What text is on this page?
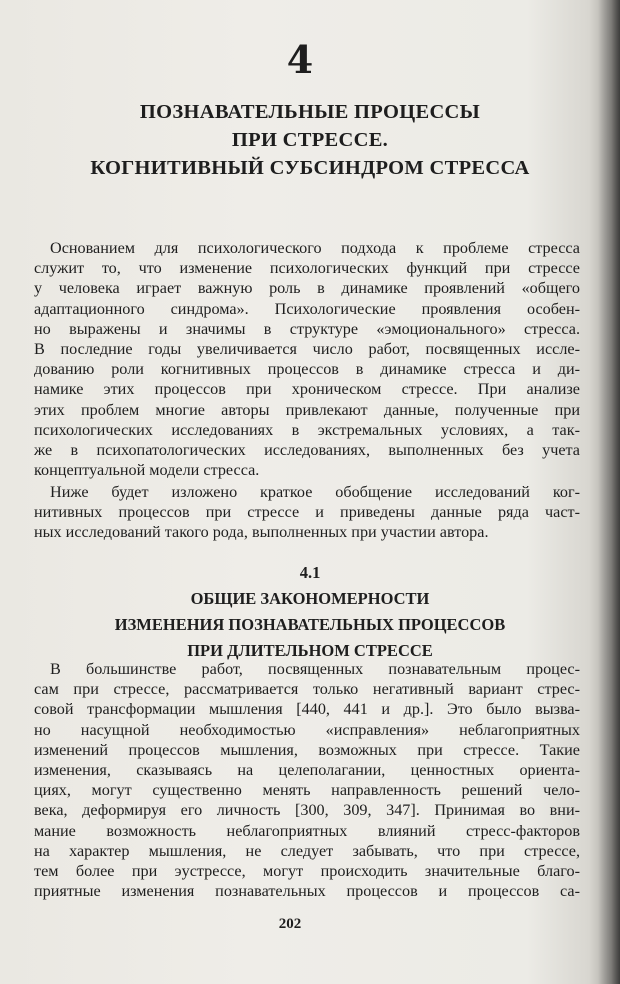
4
ПОЗНАВАТЕЛЬНЫЕ ПРОЦЕССЫ
ПРИ СТРЕССЕ.
КОГНИТИВНЫЙ СУБСИНДРОМ СТРЕССА
Основанием для психологического подхода к проблеме стресса
служит то, что изменение психологических функций при стрессе
у человека играет важную роль в динамике проявлений «общего
адаптационного синдрома». Психологические проявления особен-
но выражены и значимы в структуре «эмоционального» стресса.
В последние годы увеличивается число работ, посвященных иссле-
дованию роли когнитивных процессов в динамике стресса и ди-
намике этих процессов при хроническом стрессе. При анализе
этих проблем многие авторы привлекают данные, полученные при
психологических исследованиях в экстремальных условиях, а так-
же в психопатологических исследованиях, выполненных без учета
концептуальной модели стресса.
Ниже будет изложено краткое обобщение исследований ког-
нитивных процессов при стрессе и приведены данные ряда част-
ных исследований такого рода, выполненных при участии автора.
4.1
ОБЩИЕ ЗАКОНОМЕРНОСТИ
ИЗМЕНЕНИЯ ПОЗНАВАТЕЛЬНЫХ ПРОЦЕССОВ
ПРИ ДЛИТЕЛЬНОМ СТРЕССЕ
В большинстве работ, посвященных познавательным процес-
сам при стрессе, рассматривается только негативный вариант стрес-
совой трансформации мышления [440, 441 и др.]. Это было вызва-
но насущной необходимостью «исправления» неблагоприятных
изменений процессов мышления, возможных при стрессе. Такие
изменения, сказываясь на целеполагании, ценностных ориента-
циях, могут существенно менять направленность решений чело-
века, деформируя его личность [300, 309, 347]. Принимая во вни-
мание возможность неблагоприятных влияний стресс-факторов
на характер мышления, не следует забывать, что при стрессе,
тем более при эустрессе, могут происходить значительные благо-
приятные изменения познавательных процессов и процессов са-
202
